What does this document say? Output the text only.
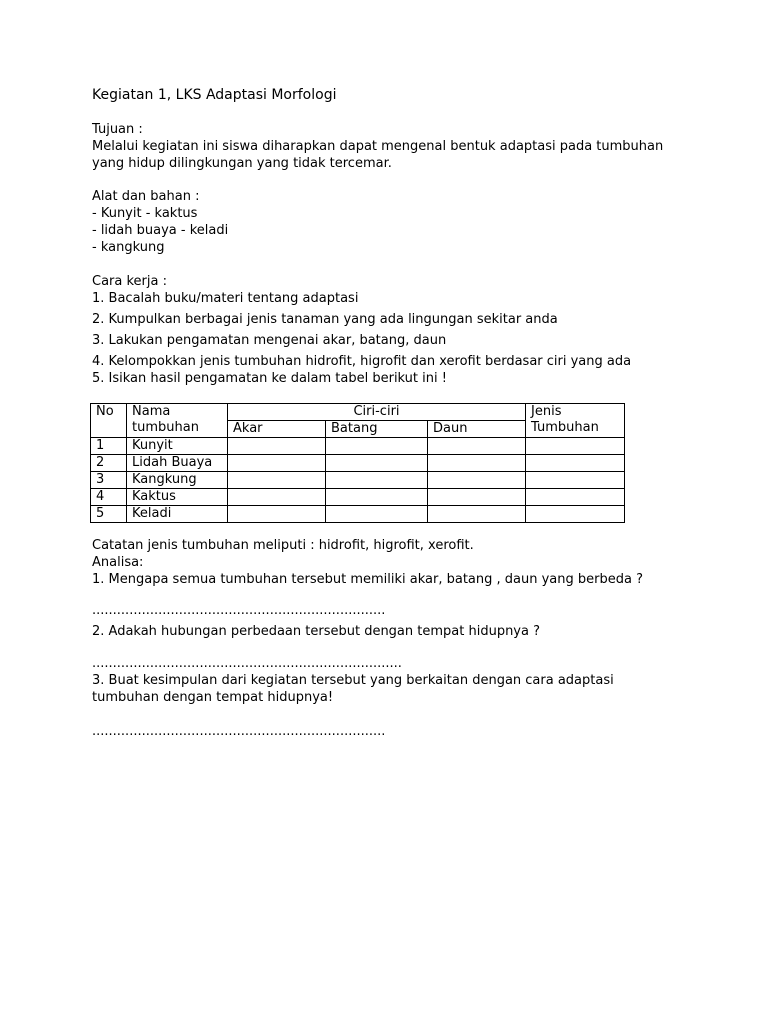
Kegiatan 1, LKS Adaptasi Morfologi
Tujuan :
Melalui kegiatan ini siswa diharapkan dapat mengenal bentuk adaptasi pada tumbuhan
yang hidup dilingkungan yang tidak tercemar.
Alat dan bahan :
- Kunyit - kaktus
- lidah buaya - keladi
- kangkung
Cara kerja :
1. Bacalah buku/materi tentang adaptasi
2. Kumpulkan berbagai jenis tanaman yang ada lingungan sekitar anda
3. Lakukan pengamatan mengenai akar, batang, daun
4. Kelompokkan jenis tumbuhan hidrofit, higrofit dan xerofit berdasar ciri yang ada
5. Isikan hasil pengamatan ke dalam tabel berikut ini !
No	Nama tumbuhan	Ciri-ciri			Jenis Tumbuhan
		Akar	Batang	Daun	
1	Kunyit				
2	Lidah Buaya				
3	Kangkung				
4	Kaktus				
5	Keladi				
Catatan jenis tumbuhan meliputi : hidrofit, higrofit, xerofit.
Analisa:
1. Mengapa semua tumbuhan tersebut memiliki akar, batang , daun yang berbeda ?
.......................................................................
2. Adakah hubungan perbedaan tersebut dengan tempat hidupnya ?
...........................................................................
3. Buat kesimpulan dari kegiatan tersebut yang berkaitan dengan cara adaptasi
tumbuhan dengan tempat hidupnya!
.......................................................................
